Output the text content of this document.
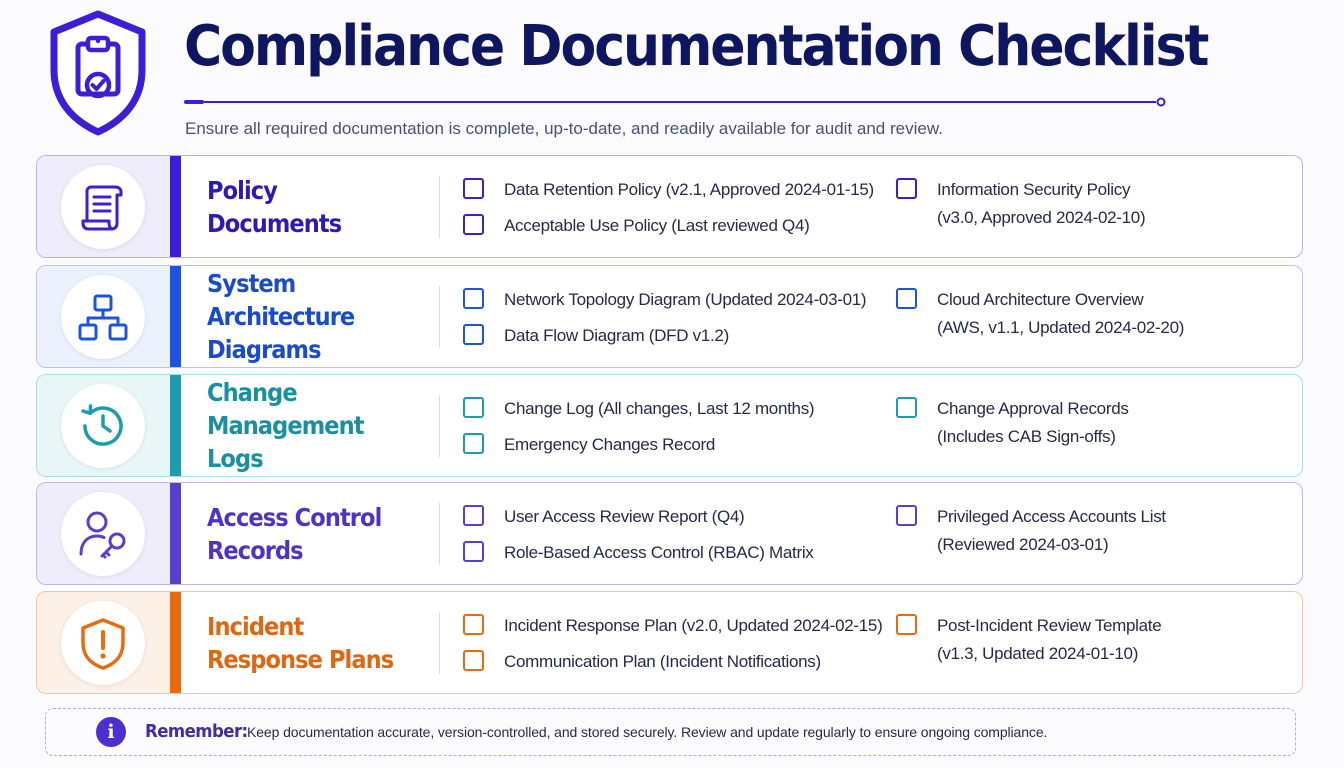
Compliance Documentation Checklist

Ensure all required documentation is complete, up-to-date, and readily available for audit and review.

Policy Documents
Data Retention Policy (v2.1, Approved 2024-01-15)
Acceptable Use Policy (Last reviewed Q4)
Information Security Policy
(v3.0, Approved 2024-02-10)
System Architecture Diagrams
Network Topology Diagram (Updated 2024-03-01)
Data Flow Diagram (DFD v1.2)
Cloud Architecture Overview
(AWS, v1.1, Updated 2024-02-20)
Change Management Logs
Change Log (All changes, Last 12 months)
Emergency Changes Record
Change Approval Records
(Includes CAB Sign-offs)
Access Control Records
User Access Review Report (Q4)
Role-Based Access Control (RBAC) Matrix
Privileged Access Accounts List
(Reviewed 2024-03-01)
Incident Response Plans
Incident Response Plan (v2.0, Updated 2024-02-15)
Communication Plan (Incident Notifications)
Post-Incident Review Template
(v1.3, Updated 2024-01-10)
i	Remember: Keep documentation accurate, version-controlled, and stored securely. Review and update regularly to ensure ongoing compliance.
